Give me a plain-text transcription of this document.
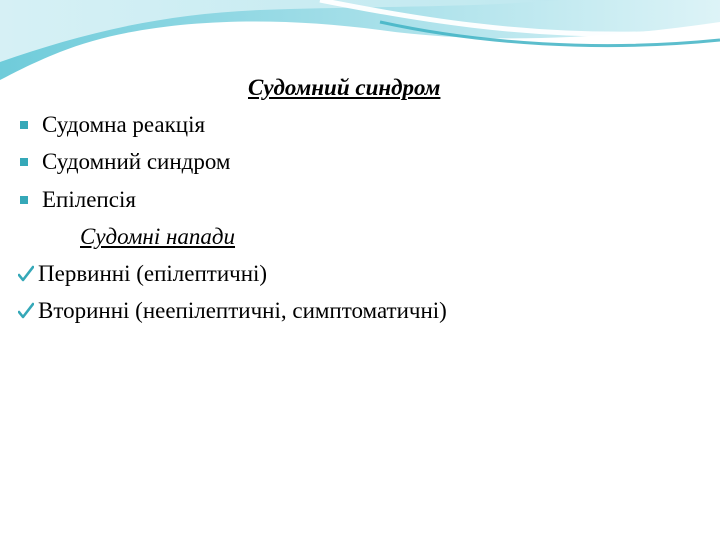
Судомний синдром
Судомна реакція
Судомний синдром
Епілепсія
Судомні напади
Первинні (епілептичні)
Вторинні (неепілептичні, симптоматичні)
